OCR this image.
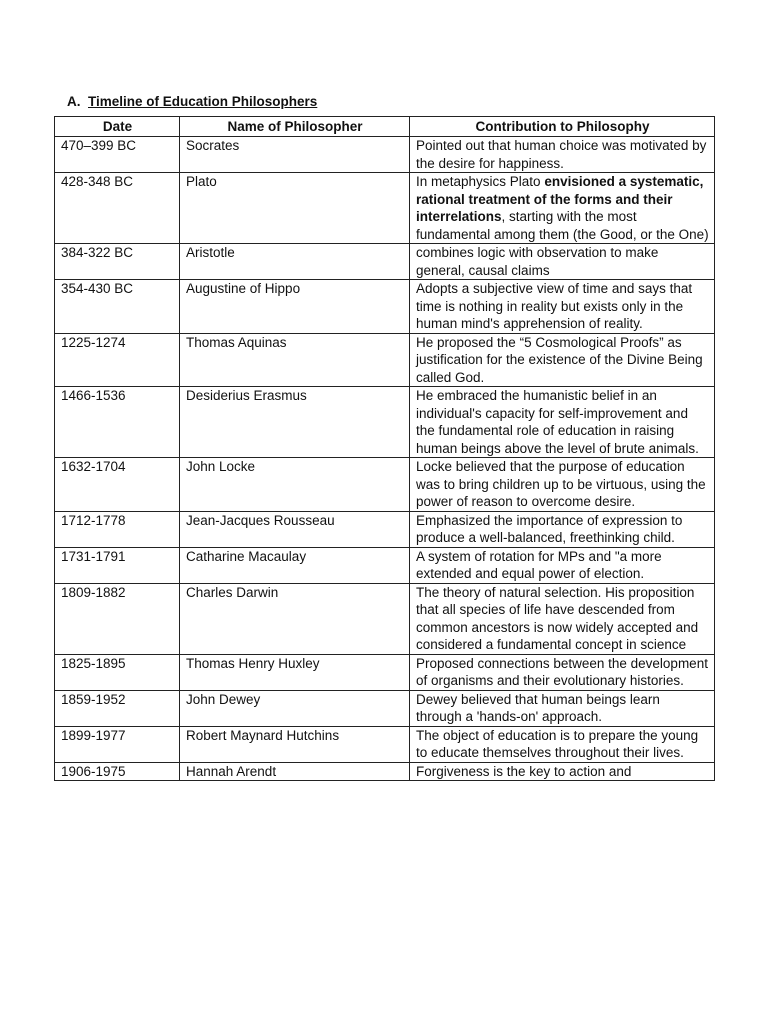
A. Timeline of Education Philosophers
Date	Name of Philosopher	Contribution to Philosophy
470–399 BC	Socrates	Pointed out that human choice was motivated by the desire for happiness.
428-348 BC	Plato	In metaphysics Plato envisioned a systematic, rational treatment of the forms and their interrelations, starting with the most fundamental among them (the Good, or the One)
384-322 BC	Aristotle	combines logic with observation to make general, causal claims
354-430 BC	Augustine of Hippo	Adopts a subjective view of time and says that time is nothing in reality but exists only in the human mind's apprehension of reality.
1225-1274	Thomas Aquinas	He proposed the “5 Cosmological Proofs” as justification for the existence of the Divine Being called God.
1466-1536	Desiderius Erasmus	He embraced the humanistic belief in an individual's capacity for self-improvement and the fundamental role of education in raising human beings above the level of brute animals.
1632-1704	John Locke	Locke believed that the purpose of education was to bring children up to be virtuous, using the power of reason to overcome desire.
1712-1778	Jean-Jacques Rousseau	Emphasized the importance of expression to produce a well-balanced, freethinking child.
1731-1791	Catharine Macaulay	A system of rotation for MPs and "a more extended and equal power of election.
1809-1882	Charles Darwin	The theory of natural selection. His proposition that all species of life have descended from common ancestors is now widely accepted and considered a fundamental concept in science
1825-1895	Thomas Henry Huxley	Proposed connections between the development of organisms and their evolutionary histories.
1859-1952	John Dewey	Dewey believed that human beings learn through a 'hands-on' approach.
1899-1977	Robert Maynard Hutchins	The object of education is to prepare the young to educate themselves throughout their lives.
1906-1975	Hannah Arendt	Forgiveness is the key to action and
